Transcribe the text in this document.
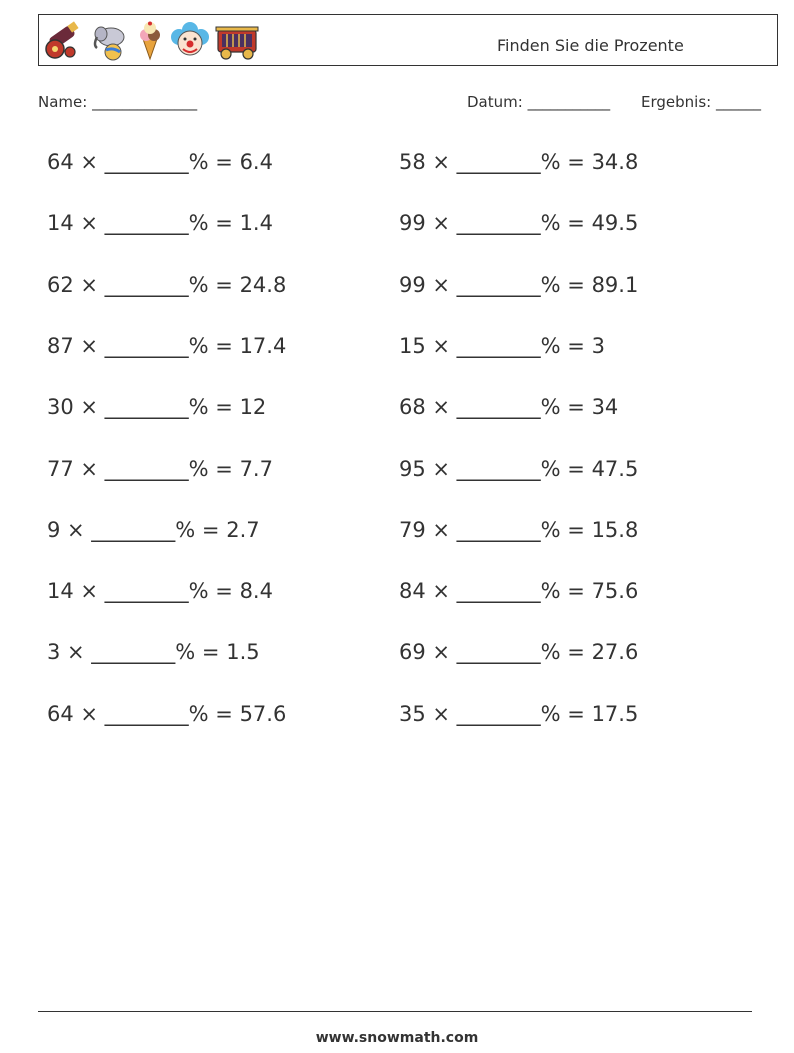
Finden Sie die Prozente
Name: ______________	Datum: ___________ Ergebnis: ______
64 × ________% = 6.4
14 × ________% = 1.4
62 × ________% = 24.8
87 × ________% = 17.4
30 × ________% = 12
77 × ________% = 7.7
9 × ________% = 2.7
14 × ________% = 8.4
3 × ________% = 1.5
64 × ________% = 57.6
58 × ________% = 34.8
99 × ________% = 49.5
99 × ________% = 89.1
15 × ________% = 3
68 × ________% = 34
95 × ________% = 47.5
79 × ________% = 15.8
84 × ________% = 75.6
69 × ________% = 27.6
35 × ________% = 17.5
www.snowmath.com
